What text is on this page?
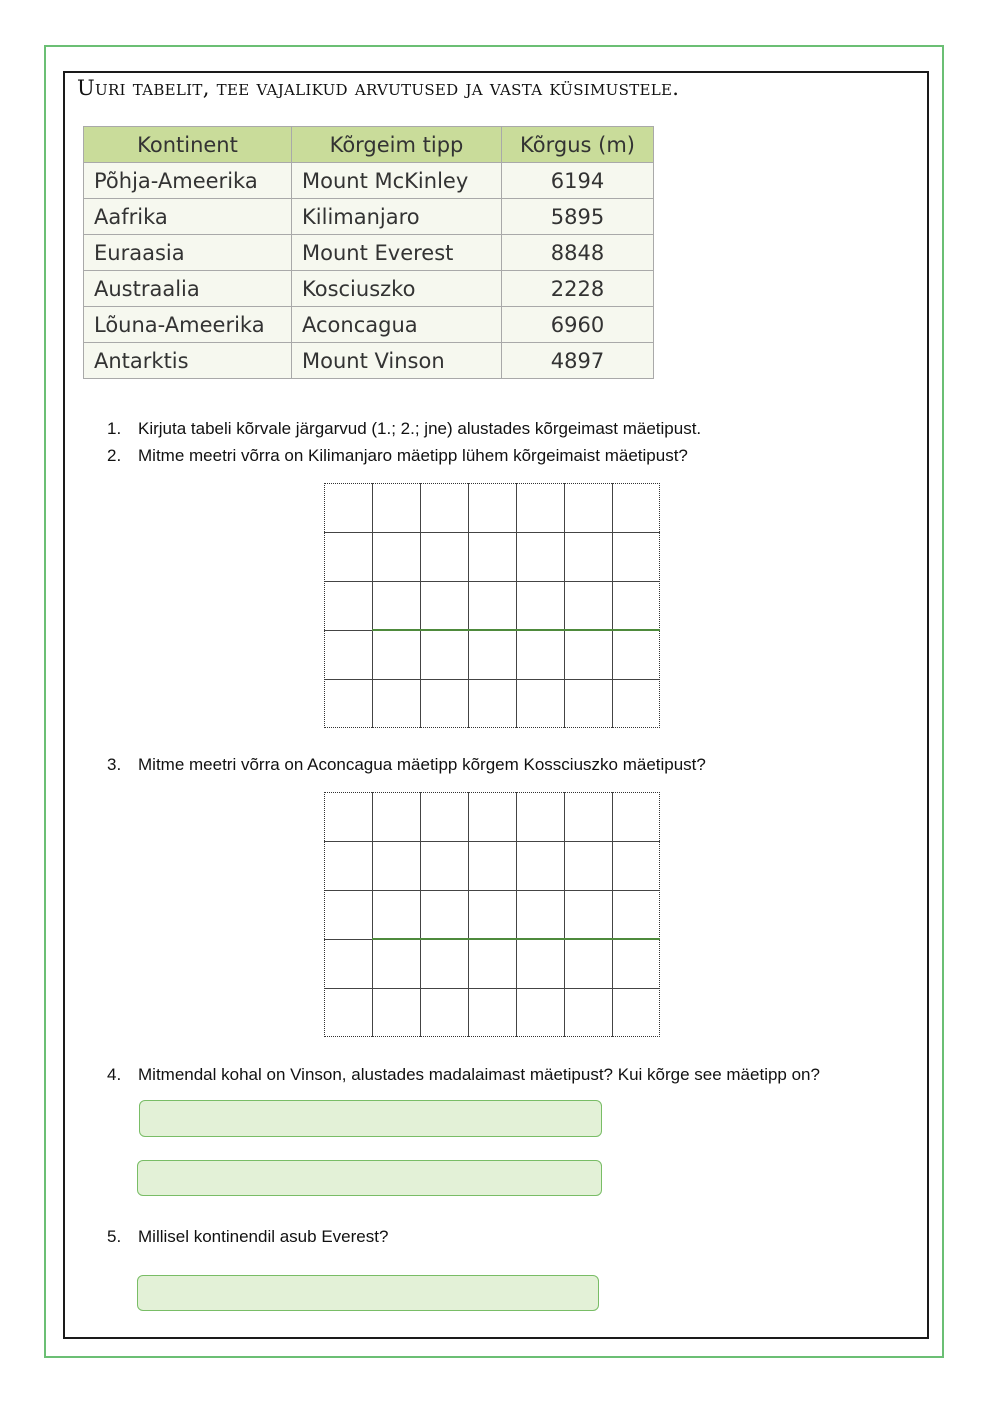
Uuri tabelit, tee vajalikud arvutused ja vasta küsimustele.
Kontinent	Kõrgeim tipp	Kõrgus (m)
Põhja-Ameerika	Mount McKinley	6194
Aafrika	Kilimanjaro	5895
Euraasia	Mount Everest	8848
Austraalia	Kosciuszko	2228
Lõuna-Ameerika	Aconcagua	6960
Antarktis	Mount Vinson	4897
1. Kirjuta tabeli kõrvale järgarvud (1.; 2.; jne) alustades kõrgeimast mäetipust.
2. Mitme meetri võrra on Kilimanjaro mäetipp lühem kõrgeimaist mäetipust?
3. Mitme meetri võrra on Aconcagua mäetipp kõrgem Kossciuszko mäetipust?
4. Mitmendal kohal on Vinson, alustades madalaimast mäetipust? Kui kõrge see mäetipp on?
5. Millisel kontinendil asub Everest?
